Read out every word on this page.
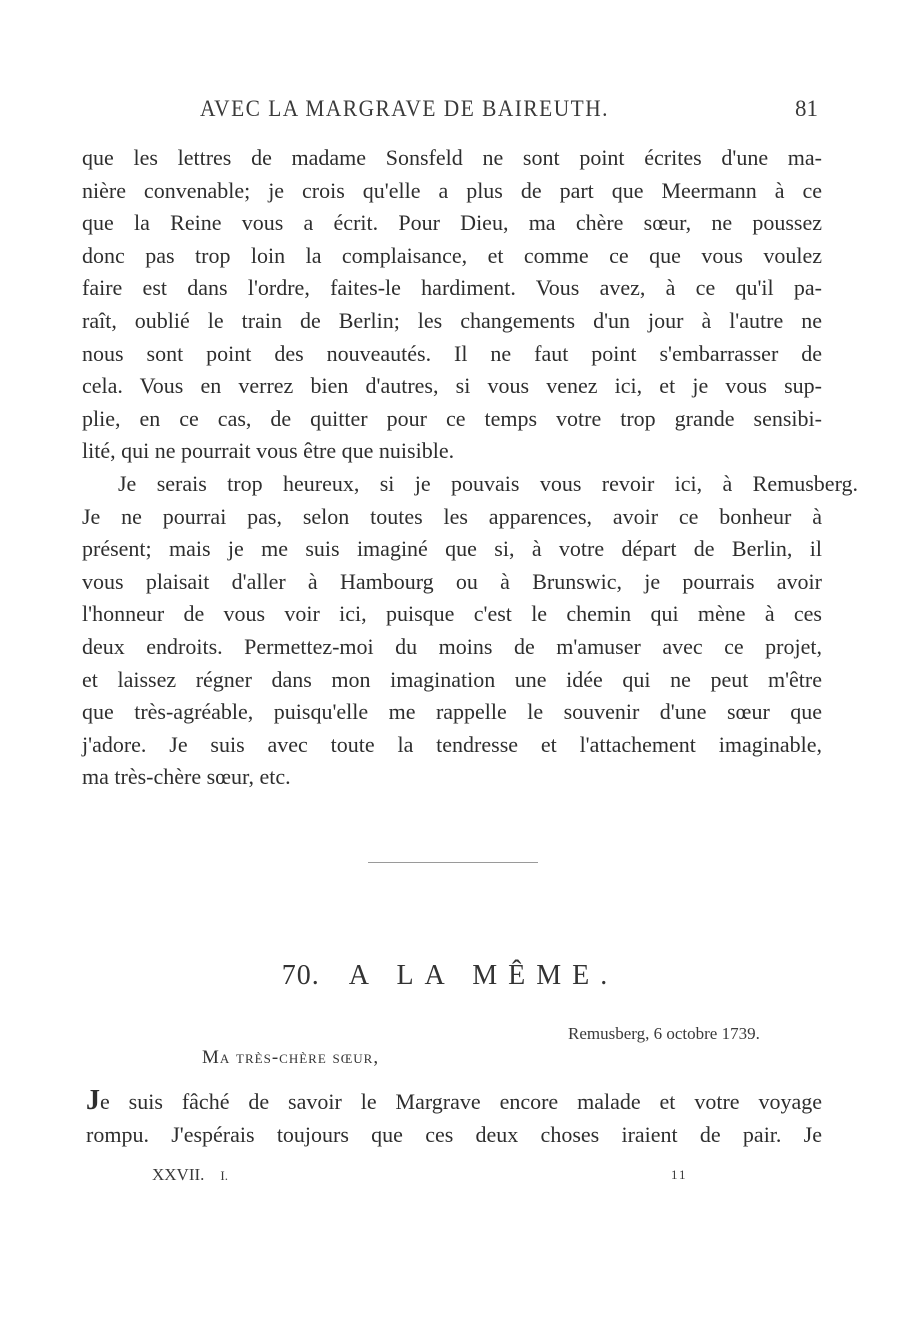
AVEC LA MARGRAVE DE BAIREUTH.	81
que les lettres de madame Sonsfeld ne sont point écrites d'une ma-
nière convenable; je crois qu'elle a plus de part que Meermann à ce
que la Reine vous a écrit. Pour Dieu, ma chère sœur, ne poussez
donc pas trop loin la complaisance, et comme ce que vous voulez
faire est dans l'ordre, faites-le hardiment. Vous avez, à ce qu'il pa-
raît, oublié le train de Berlin; les changements d'un jour à l'autre ne
nous sont point des nouveautés. Il ne faut point s'embarrasser de
cela. Vous en verrez bien d'autres, si vous venez ici, et je vous sup-
plie, en ce cas, de quitter pour ce temps votre trop grande sensibi-
lité, qui ne pourrait vous être que nuisible.
Je serais trop heureux, si je pouvais vous revoir ici, à Remusberg.
Je ne pourrai pas, selon toutes les apparences, avoir ce bonheur à
présent; mais je me suis imaginé que si, à votre départ de Berlin, il
vous plaisait d'aller à Hambourg ou à Brunswic, je pourrais avoir
l'honneur de vous voir ici, puisque c'est le chemin qui mène à ces
deux endroits. Permettez-moi du moins de m'amuser avec ce projet,
et laissez régner dans mon imagination une idée qui ne peut m'être
que très-agréable, puisqu'elle me rappelle le souvenir d'une sœur que
j'adore. Je suis avec toute la tendresse et l'attachement imaginable,
ma très-chère sœur, etc.
70. A LA MÊME.
Remusberg, 6 octobre 1739.
Ma très-chère sœur,
Je suis fâché de savoir le Margrave encore malade et votre voyage
rompu. J'espérais toujours que ces deux choses iraient de pair. Je
XXVII. I.	11
